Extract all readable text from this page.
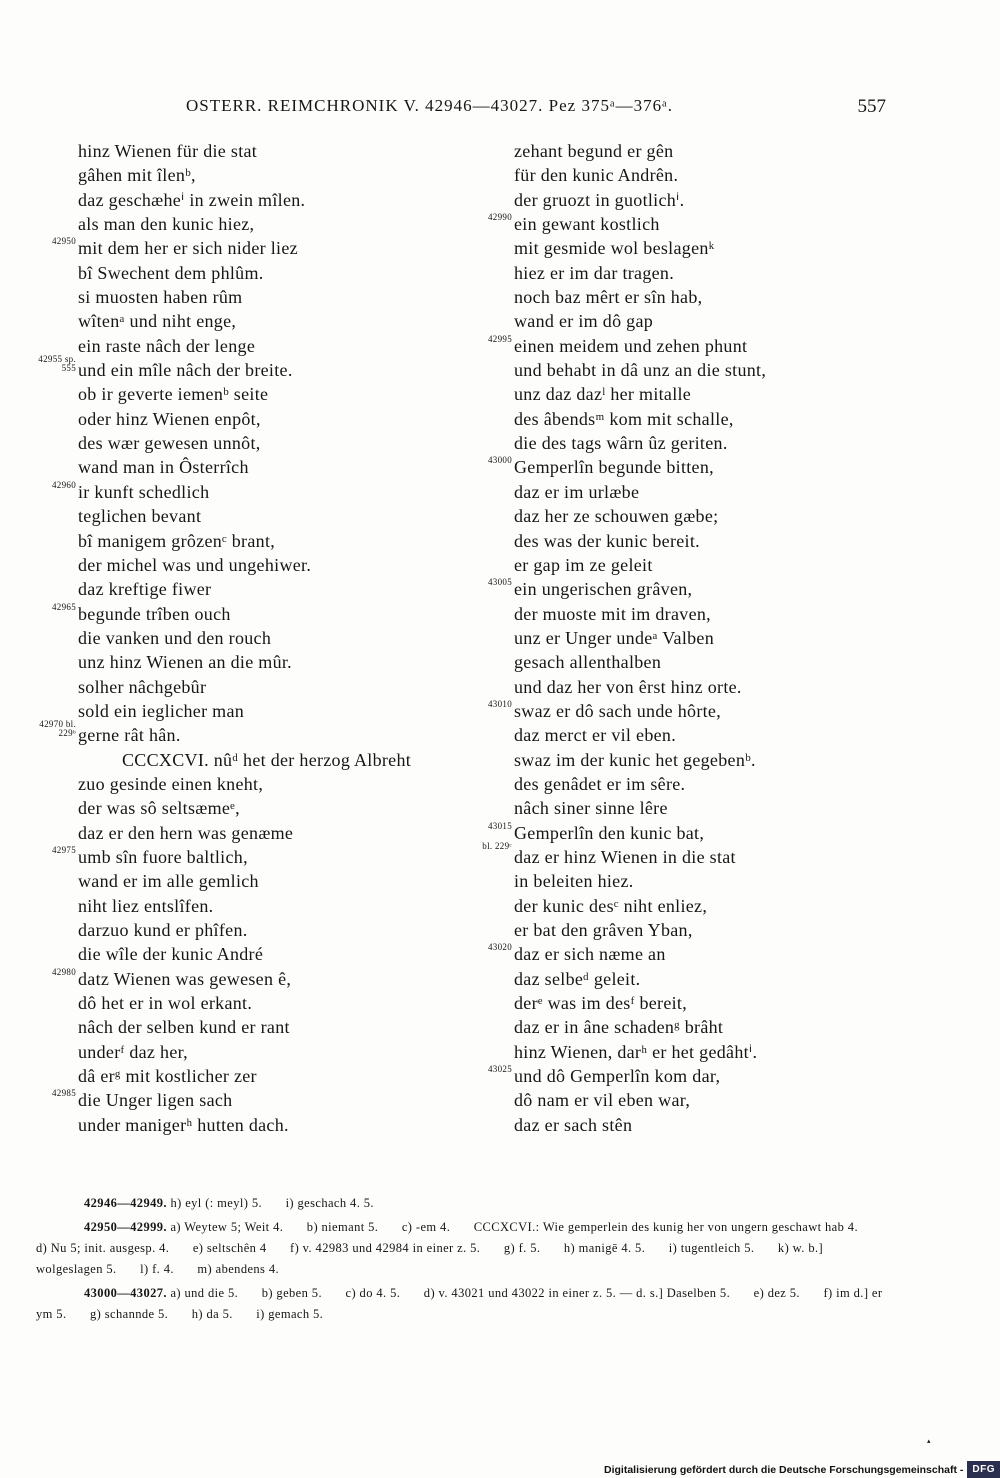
OSTERR. REIMCHRONIK V. 42946—43027. Pez 375ᵃ—376ᵃ.	557
hinz Wienen für die stat
gâhen mit îlenᵇ,
daz geschæheⁱ in zwein mîlen.
als man den kunic hiez,
42950 mit dem her er sich nider liez
bî Swechent dem phlûm.
si muosten haben rûm
wîtenᵃ und niht enge,
ein raste nâch der lenge
42955 sp. 555 und ein mîle nâch der breite.
ob ir geverte iemenᵇ seite
oder hinz Wienen enpôt,
des wær gewesen unnôt,
wand man in Ôsterrîch
42960 ir kunft schedlich
teglichen bevant
bî manigem grôzenᶜ brant,
der michel was und ungehiwer.
daz kreftige fiwer
42965 begunde trîben ouch
die vanken und den rouch
unz hinz Wienen an die mûr.
solher nâchgebûr
sold ein ieglicher man
42970 bl. 229ᵇ gerne rât hân.
CCCXCVI. nûᵈ het der herzog Albreht
zuo gesinde einen kneht,
der was sô seltsæmeᵉ,
daz er den hern was genæme
42975 umb sîn fuore baltlich,
wand er im alle gemlich
niht liez entslîfen.
darzuo kund er phîfen.
die wîle der kunic André
42980 datz Wienen was gewesen ê,
dô het er in wol erkant.
nâch der selben kund er rant
underᶠ daz her,
dâ erᵍ mit kostlicher zer
42985 die Unger ligen sach
under manigerʰ hutten dach.
zehant begund er gên
für den kunic Andrên.
der gruozt in guotlichⁱ.
42990 ein gewant kostlich
mit gesmide wol beslagenᵏ
hiez er im dar tragen.
noch baz mêrt er sîn hab,
wand er im dô gap
42995 einen meidem und zehen phunt
und behabt in dâ unz an die stunt,
unz daz dazˡ her mitalle
des âbendsᵐ kom mit schalle,
die des tags wârn ûz geriten.
43000 Gemperlîn begunde bitten,
daz er im urlæbe
daz her ze schouwen gæbe;
des was der kunic bereit.
er gap im ze geleit
43005 ein ungerischen grâven,
der muoste mit im draven,
unz er Unger undeᵃ Valben
gesach allenthalben
und daz her von êrst hinz orte.
43010 swaz er dô sach unde hôrte,
daz merct er vil eben.
swaz im der kunic het gegebenᵇ.
des genâdet er im sêre.
nâch siner sinne lêre
43015 Gemperlîn den kunic bat,
bl. 229ᶜ
daz er hinz Wienen in die stat
in beleiten hiez.
der kunic desᶜ niht enliez,
er bat den grâven Yban,
43020 daz er sich næme an
daz selbeᵈ geleit.
derᵉ was im desᶠ bereit,
daz er in âne schadenᵍ brâht
hinz Wienen, darʰ er het gedâhtⁱ.
43025 und dô Gemperlîn kom dar,
dô nam er vil eben war,
daz er sach stên
42946—42949. h) eyl (: meyl) 5. i) geschach 4. 5.
42950—42999. a) Weytew 5; Weit 4. b) niemant 5. c) -em 4. CCCXCVI.: Wie gemperlein des kunig her von ungern geschawt hab 4. d) Nu 5; init. ausgesp. 4. e) seltschên 4 f) v. 42983 und 42984 in einer z. 5. g) f. 5. h) manigē 4. 5. i) tugentleich 5. k) w. b.] wolgeslagen 5. l) f. 4. m) abendens 4.
43000—43027. a) und die 5. b) geben 5. c) do 4. 5. d) v. 43021 und 43022 in einer z. 5. — d. s.] Daselben 5. e) dez 5. f) im d.] er ym 5. g) schannde 5. h) da 5. i) gemach 5.
▴
Digitalisierung gefördert durch die Deutsche Forschungsgemeinschaft - DFG
